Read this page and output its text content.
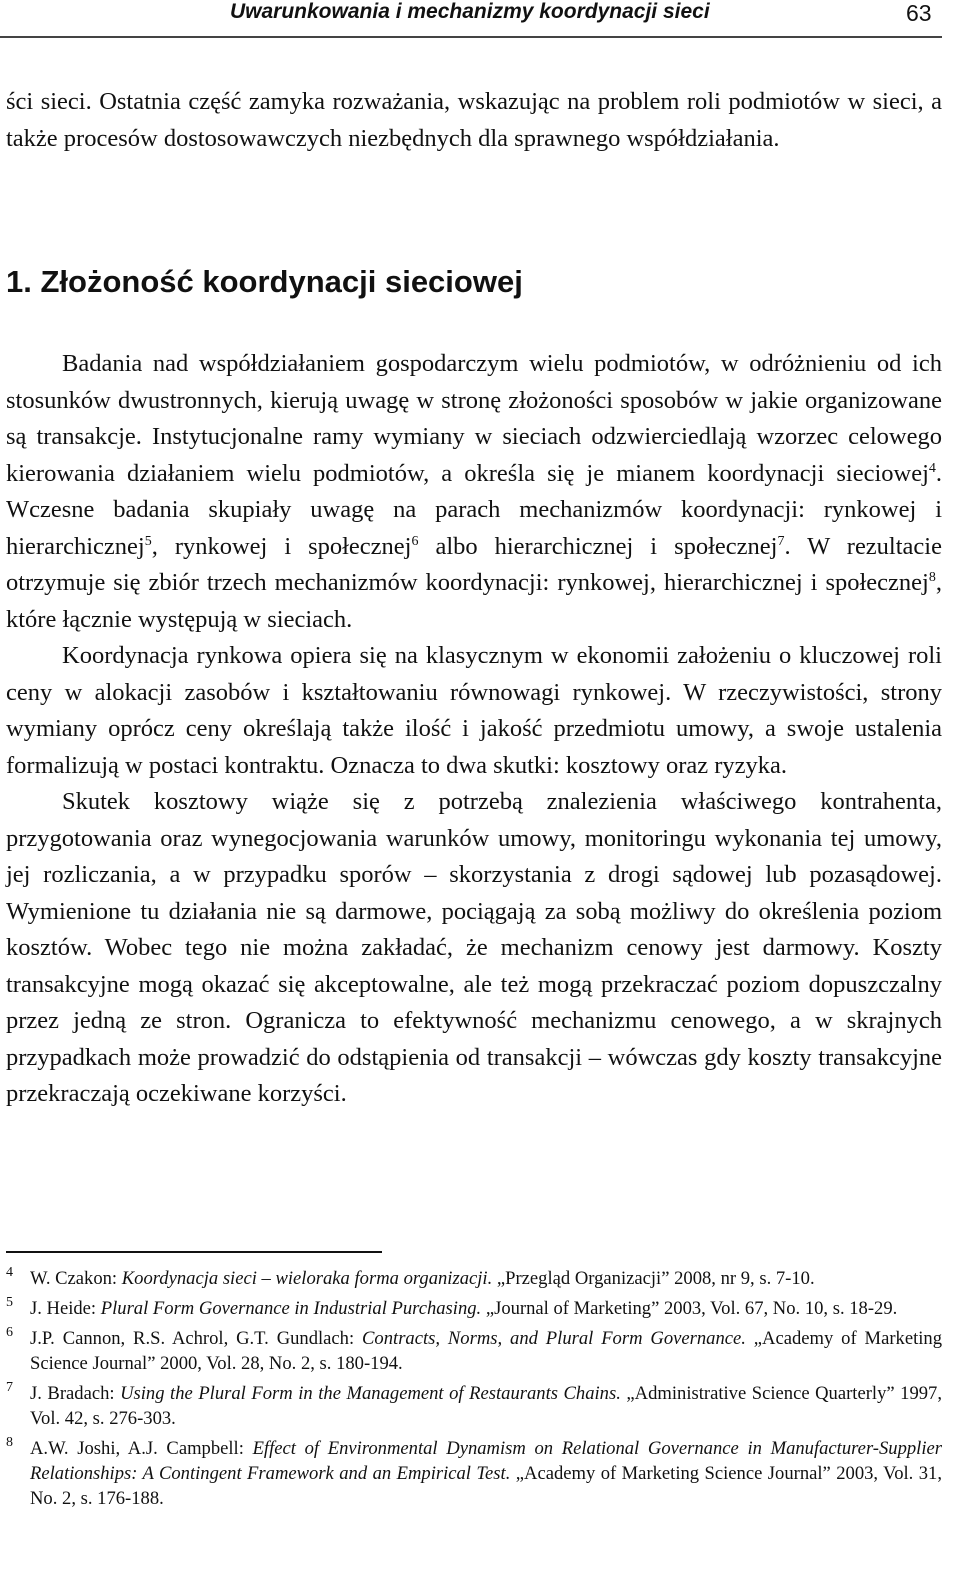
Uwarunkowania i mechanizmy koordynacji sieci	63

ści sieci. Ostatnia część zamyka rozważania, wskazując na problem roli podmiotów w sieci, a także procesów dostosowawczych niezbędnych dla sprawnego współdziałania.

1. Złożoność koordynacji sieciowej

Badania nad współdziałaniem gospodarczym wielu podmiotów, w odróżnieniu od ich stosunków dwustronnych, kierują uwagę w stronę złożoności sposobów w jakie organizowane są transakcje. Instytucjonalne ramy wymiany w sieciach odzwierciedlają wzorzec celowego kierowania działaniem wielu podmiotów, a określa się je mianem koordynacji sieciowej$^4$. Wczesne badania skupiały uwagę na parach mechanizmów koordynacji: rynkowej i hierarchicznej$^5$, rynkowej i społecznej$^6$ albo hierarchicznej i społecznej$^7$. W rezultacie otrzymuje się zbiór trzech mechanizmów koordynacji: rynkowej, hierarchicznej i społecznej$^8$, które łącznie występują w sieciach.

Koordynacja rynkowa opiera się na klasycznym w ekonomii założeniu o kluczowej roli ceny w alokacji zasobów i kształtowaniu równowagi rynkowej. W rzeczywistości, strony wymiany oprócz ceny określają także ilość i jakość przedmiotu umowy, a swoje ustalenia formalizują w postaci kontraktu. Oznacza to dwa skutki: kosztowy oraz ryzyka.

Skutek kosztowy wiąże się z potrzebą znalezienia właściwego kontrahenta, przygotowania oraz wynegocjowania warunków umowy, monitoringu wykonania tej umowy, jej rozliczania, a w przypadku sporów – skorzystania z drogi sądowej lub pozasądowej. Wymienione tu działania nie są darmowe, pociągają za sobą możliwy do określenia poziom kosztów. Wobec tego nie można zakładać, że mechanizm cenowy jest darmowy. Koszty transakcyjne mogą okazać się akceptowalne, ale też mogą przekraczać poziom dopuszczalny przez jedną ze stron. Ogranicza to efektywność mechanizmu cenowego, a w skrajnych przypadkach może prowadzić do odstąpienia od transakcji – wówczas gdy koszty transakcyjne przekraczają oczekiwane korzyści.

4 W. Czakon: Koordynacja sieci – wieloraka forma organizacji. „Przegląd Organizacji” 2008, nr 9, s. 7-10.
5 J. Heide: Plural Form Governance in Industrial Purchasing. „Journal of Marketing” 2003, Vol. 67, No. 10, s. 18-29.
6 J.P. Cannon, R.S. Achrol, G.T. Gundlach: Contracts, Norms, and Plural Form Governance. „Academy of Marketing Science Journal” 2000, Vol. 28, No. 2, s. 180-194.
7 J. Bradach: Using the Plural Form in the Management of Restaurants Chains. „Administrative Science Quarterly” 1997, Vol. 42, s. 276-303.
8 A.W. Joshi, A.J. Campbell: Effect of Environmental Dynamism on Relational Governance in Manufacturer-Supplier Relationships: A Contingent Framework and an Empirical Test. „Academy of Marketing Science Journal” 2003, Vol. 31, No. 2, s. 176-188.
